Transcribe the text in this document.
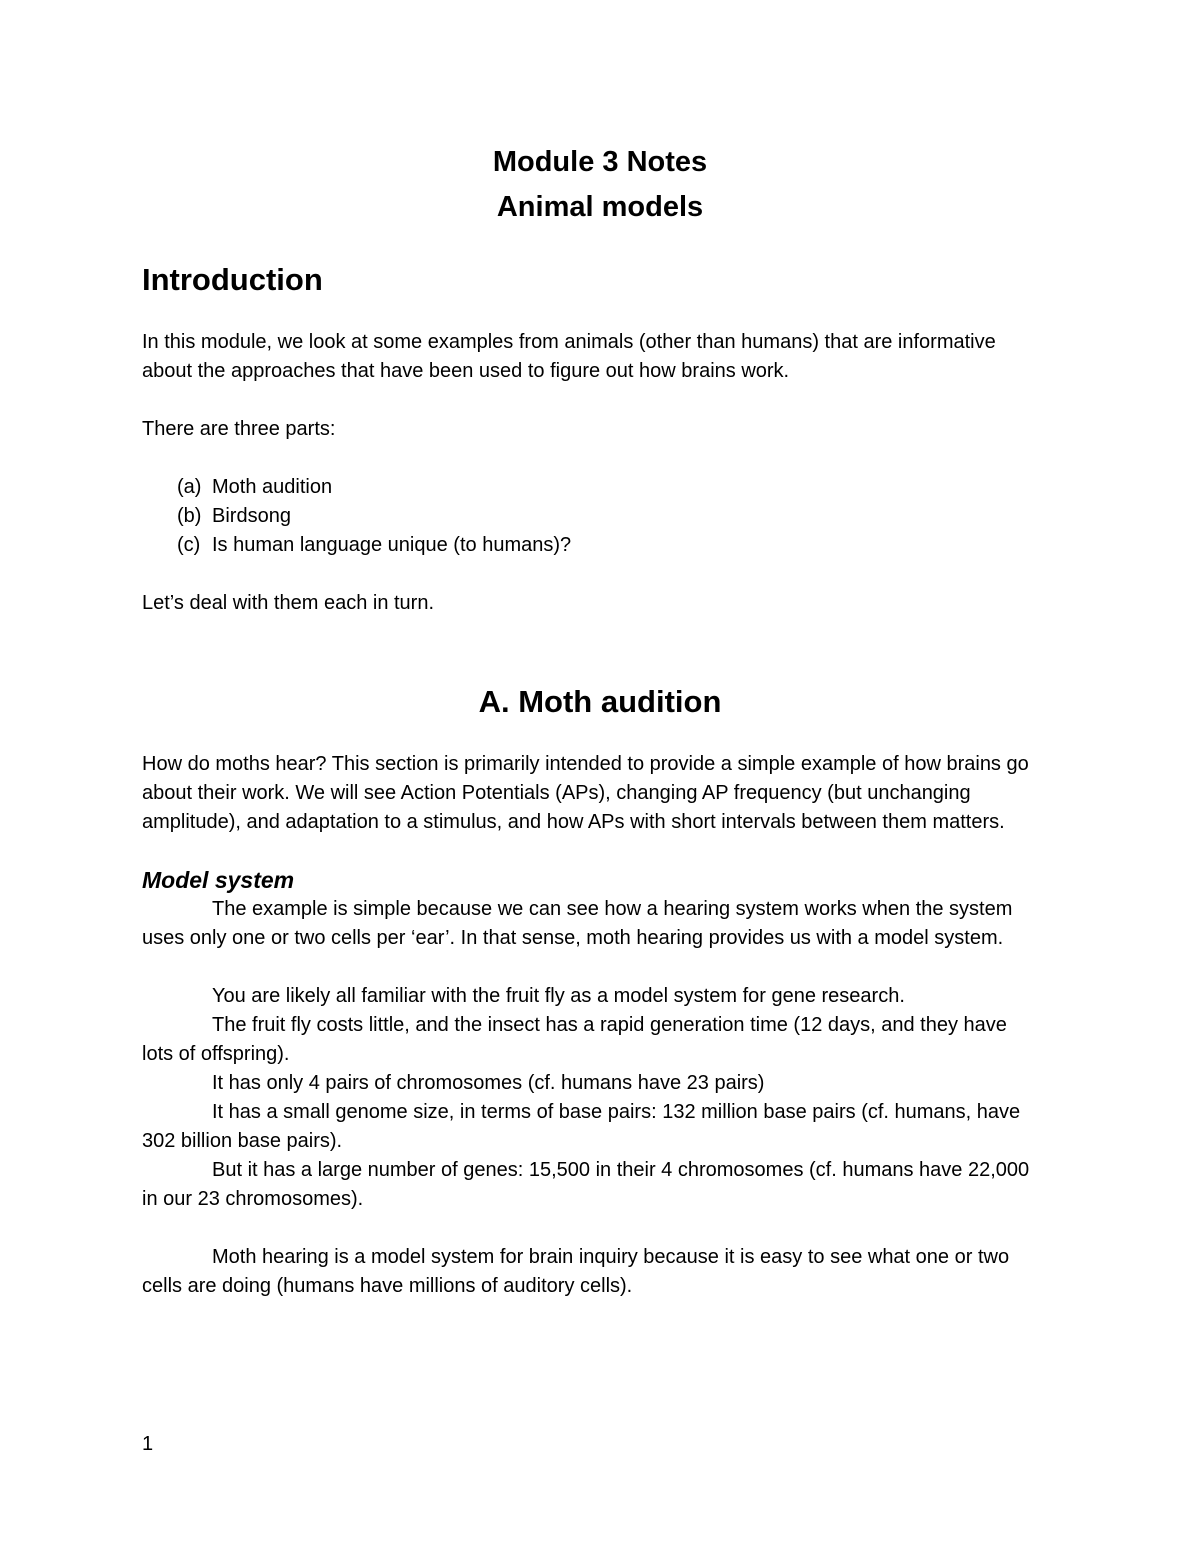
Module 3 Notes
Animal models
Introduction

In this module, we look at some examples from animals (other than humans) that are informative about the approaches that have been used to figure out how brains work.

There are three parts:

(a) Moth audition
(b) Birdsong
(c) Is human language unique (to humans)?

Let’s deal with them each in turn.

A. Moth audition

How do moths hear? This section is primarily intended to provide a simple example of how brains go about their work. We will see Action Potentials (APs), changing AP frequency (but unchanging amplitude), and adaptation to a stimulus, and how APs with short intervals between them matters.

Model system

The example is simple because we can see how a hearing system works when the system uses only one or two cells per ‘ear’. In that sense, moth hearing provides us with a model system.

You are likely all familiar with the fruit fly as a model system for gene research.

The fruit fly costs little, and the insect has a rapid generation time (12 days, and they have lots of offspring).

It has only 4 pairs of chromosomes (cf. humans have 23 pairs)

It has a small genome size, in terms of base pairs: 132 million base pairs (cf. humans, have 302 billion base pairs).

But it has a large number of genes: 15,500 in their 4 chromosomes (cf. humans have 22,000 in our 23 chromosomes).

Moth hearing is a model system for brain inquiry because it is easy to see what one or two cells are doing (humans have millions of auditory cells).

1
